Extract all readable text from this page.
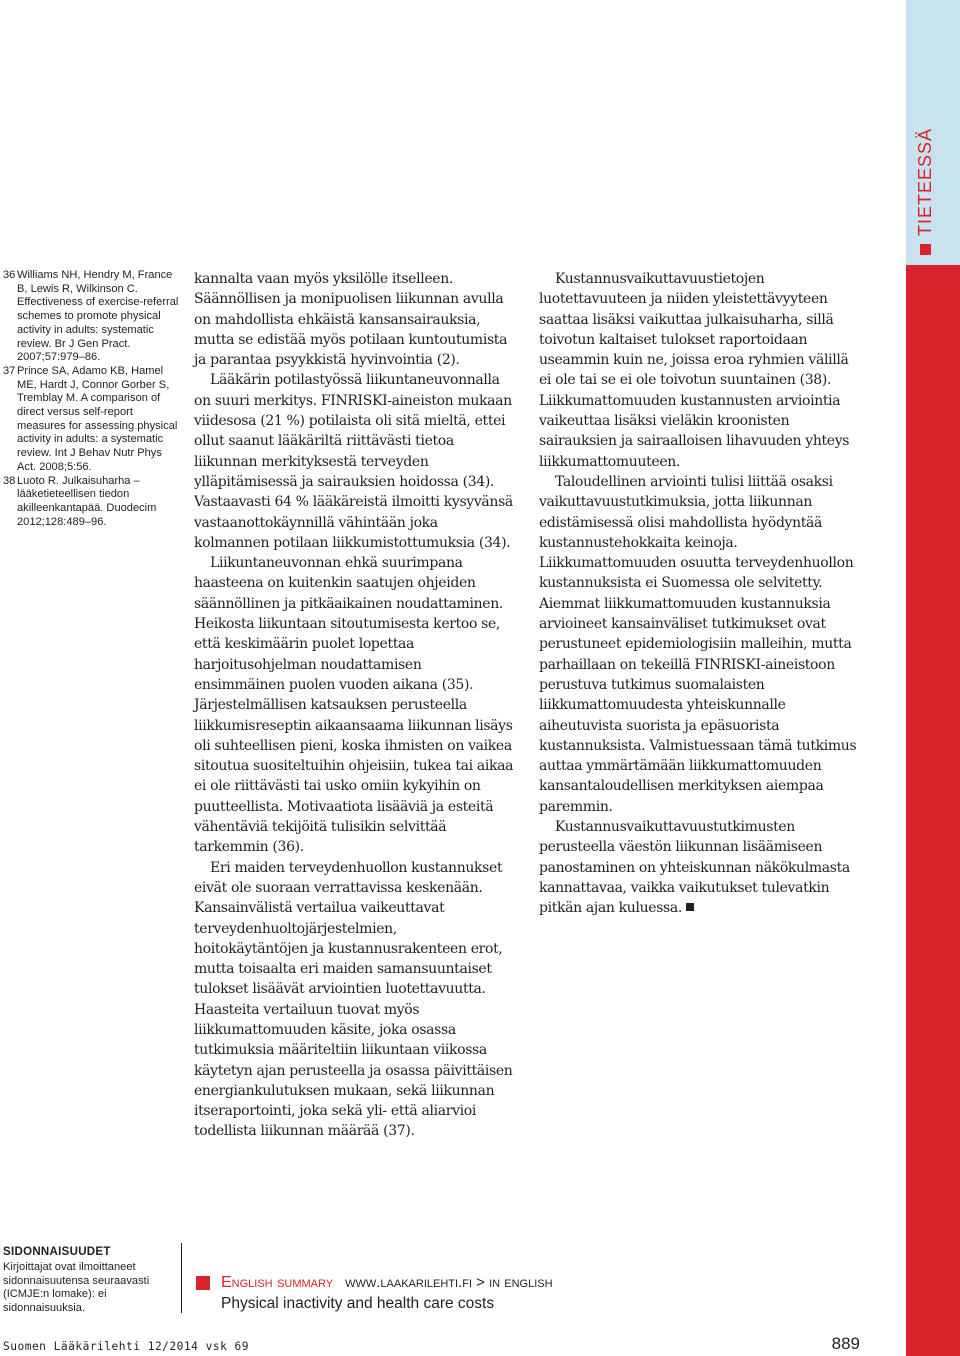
TIETEESSÄ
36 Williams NH, Hendry M, France B, Lewis R, Wilkinson C. Effectiveness of exercise-referral schemes to promote physical activity in adults: systematic review. Br J Gen Pract. 2007;57:979–86.
37 Prince SA, Adamo KB, Hamel ME, Hardt J, Connor Gorber S, Tremblay M. A comparison of direct versus self-report measures for assessing physical activity in adults: a systematic review. Int J Behav Nutr Phys Act. 2008;5:56.
38 Luoto R. Julkaisuharha – lääketieteellisen tiedon akilleenkantapää. Duodecim 2012;128:489–96.

kannalta vaan myös yksilölle itselleen. Säännöllisen ja monipuolisen liikunnan avulla on mahdollista ehkäistä kansansairauksia, mutta se edistää myös potilaan kuntoutumista ja parantaa psyykkistä hyvinvointia (2).

Lääkärin potilastyössä liikuntaneuvonnalla on suuri merkitys. FINRISKI-aineiston mukaan viidesosa (21 %) potilaista oli sitä mieltä, ettei ollut saanut lääkäriltä riittävästi tietoa liikunnan merkityksestä terveyden ylläpitämisessä ja sairauksien hoidossa (34). Vastaavasti 64 % lääkäreistä ilmoitti kysyvänsä vastaanottokäynnillä vähintään joka kolmannen potilaan liikkumistottumuksia (34).

Liikuntaneuvonnan ehkä suurimpana haasteena on kuitenkin saatujen ohjeiden säännöllinen ja pitkäaikainen noudattaminen. Heikosta liikuntaan sitoutumisesta kertoo se, että keskimäärin puolet lopettaa harjoitusohjelman noudattamisen ensimmäinen puolen vuoden aikana (35). Järjestelmällisen katsauksen perusteella liikkumisreseptin aikaansaama liikunnan lisäys oli suhteellisen pieni, koska ihmisten on vaikea sitoutua suositeltuihin ohjeisiin, tukea tai aikaa ei ole riittävästi tai usko omiin kykyihin on puutteellista. Motivaatiota lisääviä ja esteitä vähentäviä tekijöitä tulisikin selvittää tarkemmin (36).

Eri maiden terveydenhuollon kustannukset eivät ole suoraan verrattavissa keskenään. Kansainvälistä vertailua vaikeuttavat terveydenhuoltojärjestelmien, hoitokäytäntöjen ja kustannusrakenteen erot, mutta toisaalta eri maiden samansuuntaiset tulokset lisäävät arviointien luotettavuutta. Haasteita vertailuun tuovat myös liikkumattomuuden käsite, joka osassa tutkimuksia määriteltiin liikuntaan viikossa käytetyn ajan perusteella ja osassa päivittäisen energiankulutuksen mukaan, sekä liikunnan itseraportointi, joka sekä yli- että aliarvioi todellista liikunnan määrää (37).

Kustannusvaikuttavuustietojen luotettavuuteen ja niiden yleistettävyyteen saattaa lisäksi vaikuttaa julkaisuharha, sillä toivotun kaltaiset tulokset raportoidaan useammin kuin ne, joissa eroa ryhmien välillä ei ole tai se ei ole toivotun suuntainen (38). Liikkumattomuuden kustannusten arviointia vaikeuttaa lisäksi vieläkin kroonisten sairauksien ja sairaalloisen lihavuuden yhteys liikkumattomuuteen.

Taloudellinen arviointi tulisi liittää osaksi vaikuttavuustutkimuksia, jotta liikunnan edistämisessä olisi mahdollista hyödyntää kustannustehokkaita keinoja. Liikkumattomuuden osuutta terveydenhuollon kustannuksista ei Suomessa ole selvitetty. Aiemmat liikkumattomuuden kustannuksia arvioineet kansainväliset tutkimukset ovat perustuneet epidemiologisiin malleihin, mutta parhaillaan on tekeillä FINRISKI-aineistoon perustuva tutkimus suomalaisten liikkumattomuudesta yhteiskunnalle aiheutuvista suorista ja epäsuorista kustannuksista. Valmistuessaan tämä tutkimus auttaa ymmärtämään liikkumattomuuden kansantaloudellisen merkityksen aiempaa paremmin.

Kustannusvaikuttavuustutkimusten perusteella väestön liikunnan lisäämiseen panostaminen on yhteiskunnan näkökulmasta kannattavaa, vaikka vaikutukset tulevatkin pitkän ajan kuluessa.

SIDONNAISUUDET
Kirjoittajat ovat ilmoittaneet sidonnaisuutensa seuraavasti (ICMJE:n lomake): ei sidonnaisuuksia.
English summary www.laakarilehti.fi > in english
Physical inactivity and health care costs
Suomen Lääkärilehti 12/2014 vsk 69	889
